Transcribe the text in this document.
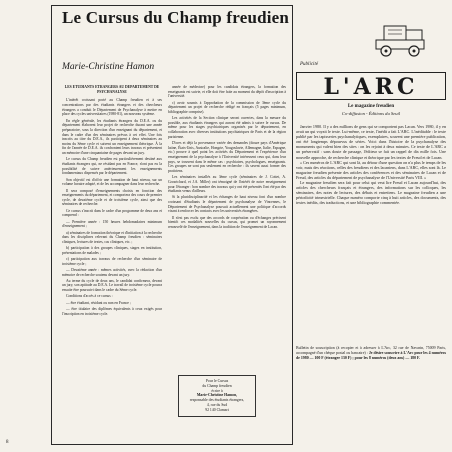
Le Cursus du Champ freudien
Marie-Christine Hamon

LES ÉTUDIANTS ÉTRANGERS AU DÉPARTEMENT DE PSYCHANALYSE

L'intérêt croissant porté au Champ freudien et à ses concentrations par des étudiants étrangers et des chercheurs étrangers a conduit le Département de Psychanalyse à mettre en place des cycles universitaires (1980-81), un nouveau système.

En règle générale, les étudiants étrangers du D.E.A. ou du département élaborent leur projet de recherche durant une année préparatoire, sous la direction d'un enseignant du département, et dans le cadre d'un des séminaires prévus à cet effet. Une fois inscrits au titre du D.E.A., ils participent à deux séminaires au moins du Sème cycle et suivent un enseignement théorique. À la fin de l'année de D.E.A. ils confrontent leurs travaux et présentent un mémoire d'une cinquantaine de pages devant un jury.

Le cursus du Champ freudien est particulièrement destiné aux étudiants étrangers qui, ne résidant pas en France, n'ont pas eu la possibilité de suivre antérieurement les enseignements fondamentaux dispensés par le département.

Son objectif est d'offrir une formation de haut niveau, sur un volume horaire adapté, et de les accompagner dans leur recherche.

Il sera composé d'enseignements choisis en fonction des enseignements du département, et comportera des cours de premier cycle, de deuxième cycle et de troisième cycle, ainsi que des séminaires de recherche.

Ce cursus s'inscrit dans le cadre d'un programme de deux ans et comprend :

— Première année : 150 heures hebdomadaires minimum d'enseignement ;

a) séminaires de formation théorique et d'initiation à la recherche dans les disciplines relevant du Champ freudien : séminaires cliniques, lectures de textes, cas cliniques, etc. ;

b) participation à des groupes cliniques, stages en institution, présentations de malades ;

c) participation aux travaux de recherche d'un séminaire de troisième cycle ;

— Deuxième année : mêmes activités, avec la rédaction d'un mémoire de recherche soutenu devant un jury.

Au terme du cycle de deux ans, le candidat confirmera, devant un jury, son aptitude au D.E.A. Le travail de troisième cycle pourra ensuite être poursuivi dans le cadre du Sème cycle.

Conditions d'accès à ce cursus :

— être étudiant, résidant ou non en France ;

— être titulaire des diplômes équivalents à ceux exigés pour l'inscription en troisième cycle.

année de médecine) pour les candidats étrangers, la formation des enseignants est suivie, et elle doit être faite au moment du dépôt d'inscription à l'université.

c) avoir soumis à l'approbation de la commission de 3ème cycle du département un projet de recherche rédigé en français (5 pages minimum, bibliographie comprise).

Les activités de la Section clinique seront ouvertes, dans la mesure du possible, aux étudiants étrangers qui auront été admis à suivre le cursus. De même pour les stages psychiatriques organisés par le département, en collaboration avec diverses institutions psychiatriques de Paris et de la région parisienne.

D'ores et déjà la provenance variée des demandes (douze pays d'Amérique latine, États-Unis, Australie, Hongrie, Yougoslavie, Allemagne, Italie, Espagne, etc.) prouve à quel point les activités du Département et l'expérience d'un enseignement de la psychanalyse à l'Université intéressent ceux qui, dans leur pays, se trouvent dans le même cas : psychiatres, psychologues, enseignants. Ces groupes ne sont pas seulement en recherche : ils savent aussi former des praticiens.

Les séminaires installés au 3ème cycle (séminaires de J. Cottet, A. Grosrichard, et J.A. Miller) ont témoigné de l'intérêt de notre enseignement pour l'étranger : bon nombre des travaux qui y ont été présentés l'ont été par des étudiants venus d'ailleurs.

Si la pluridisciplinarité et les échanges de haut niveau font d'un nombre croissant d'étudiants le département de psychanalyse de Vincennes, le Département de Psychanalyse poursuit actuellement une politique d'accords visant à renforcer les contacts avec les universités étrangères.

Il n'est pas exclu que des accords de coopération ou d'échanges précisent bientôt ces modalités nouvelles du cursus, qui promet un rayonnement renouvelé de l'enseignement, dans la tradition de l'enseignement de Lacan.

Pour le Cursus
du Champ freudien
écrire à
Marie-Christine Hamon,
responsable des étudiants étrangers,
4, rue du Sud
92 140 Clamart
Publicité
L'ARC
Le magazine freudien
Co-diffusion - Éditions du Seuil

Janvier 1980. Il y a des millions de gens qui se comportent pas Lacan. Vers 1980, il y en avait un qui voyait le texte. Lui-même, ce texte, l'inédit a fait L'ARC. L'inéditable : le texte publié par les tapisseries psychanalytiques, exemplaires, souvent une première publication, ont été longtemps dépourvus de séries. Voici dans l'histoire de la psychanalyse des monuments qui valent bien des sites : on les rejoint à deux minutes. Ce texte de L'ARC a un préservatif : sans doute de passage, l'éditeur se fait un rappel de dix mille fois. Une nouvelle approche, de recherche clinique et théorique par les textes de Freud et de Lacan.

« Ces numéros de L'ARC qui sont là, au détour d'une question on n'a plus le temps de les voir, mais des réactions, celles des freudiens et des lacaniens, dans L'ARC, elles sont là. Le magazine freudien présente des articles des conférences et des séminaires de Lacan et de Freud, des articles du département de psychanalyse de l'Université Paris VIII. »

Le magazine freudien sera fait pour celui qui veut lire Freud et Lacan aujourd'hui, des articles des chercheurs français et étrangers, des informations sur les colloques, les séminaires, des notes de lectures, des débats et entretiens. Le magazine freudien a une périodicité trimestrielle. Chaque numéro comporte cinq à huit articles, des documents, des textes inédits, des traductions, et une bibliographie commentée.

Bulletin de souscription (à recopier et à adresser à L'Arc, 32 rue de Navarin, 75009 Paris, accompagné d'un chèque postal ou bancaire) : Je désire souscrire à L'Arc pour les 4 numéros de 1980 — 100 F (étranger 130 F) ; pour les 8 numéros (deux ans) — 180 F.
8
